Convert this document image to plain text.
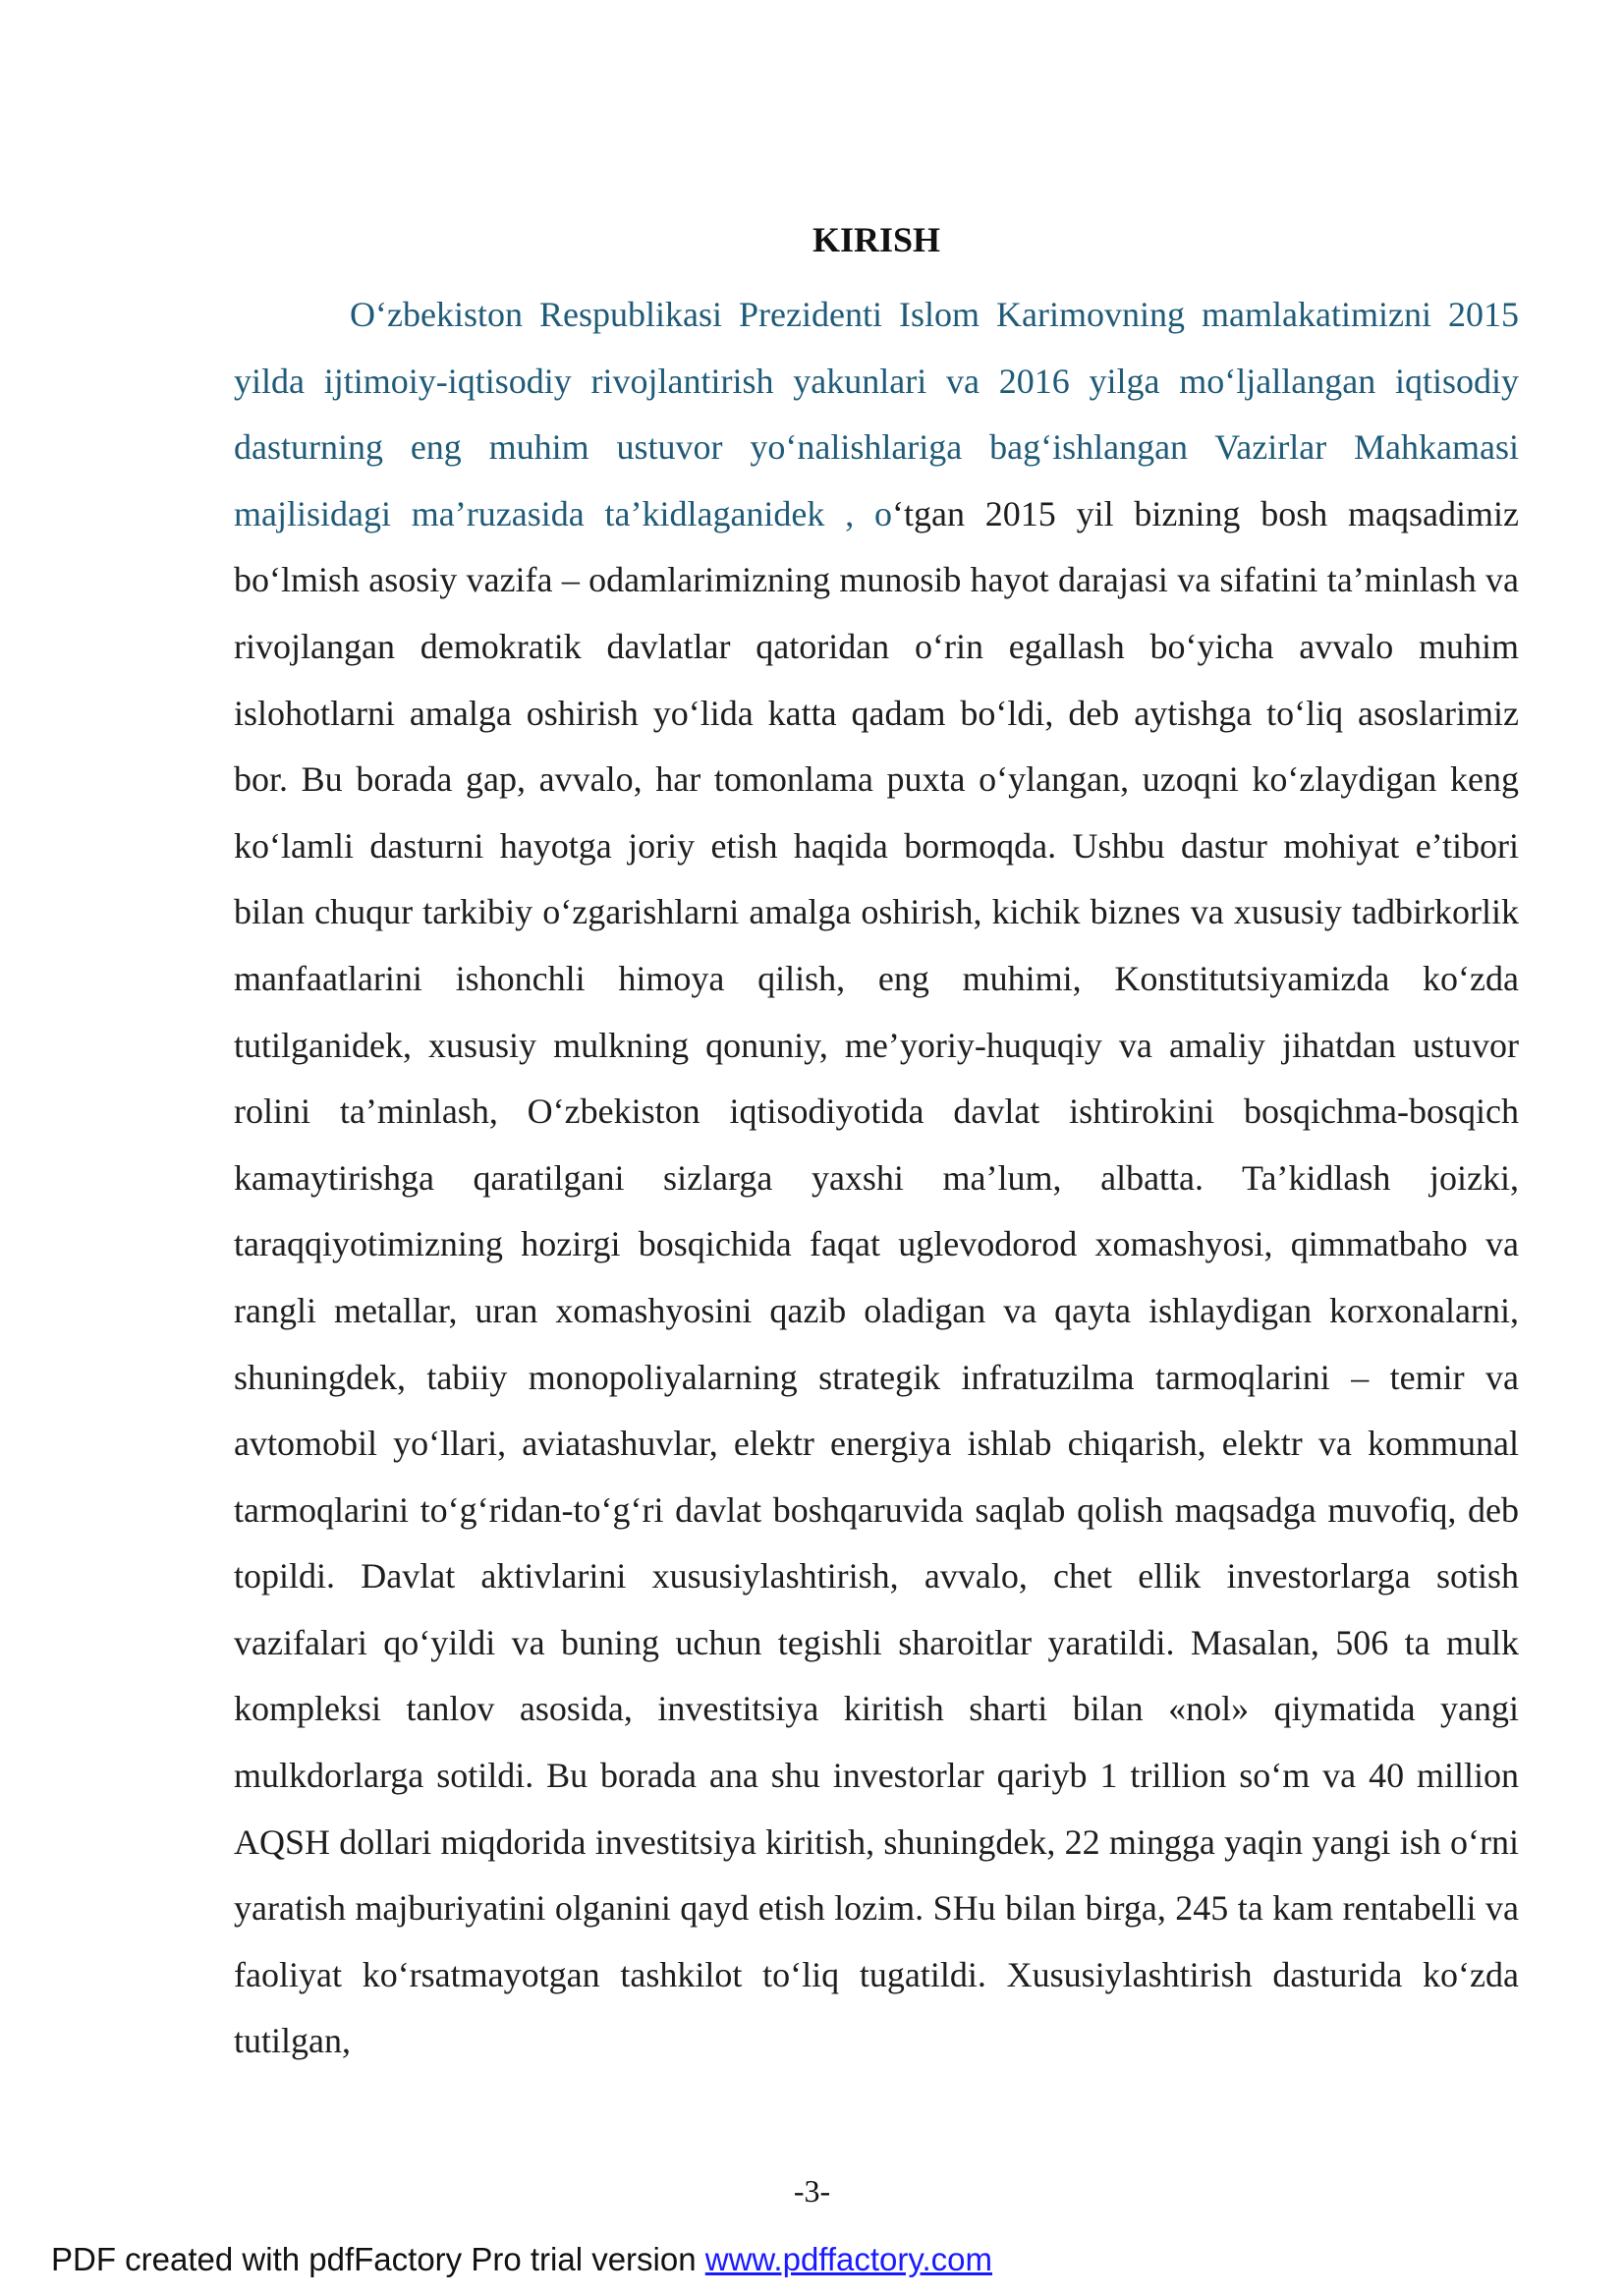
KIRISH

O‘zbekiston Respublikasi Prezidenti Islom Karimovning mamlakatimizni 2015 yilda ijtimoiy-iqtisodiy rivojlantirish yakunlari va 2016 yilga mo‘ljallangan iqtisodiy dasturning eng muhim ustuvor yo‘nalishlariga bag‘ishlangan Vazirlar Mahkamasi majlisidagi ma’ruzasida ta’kidlaganidek , o‘tgan 2015 yil bizning bosh maqsadimiz bo‘lmish asosiy vazifa – odamlarimizning munosib hayot darajasi va sifatini ta’minlash va rivojlangan demokratik davlatlar qatoridan o‘rin egallash bo‘yicha avvalo muhim islohotlarni amalga oshirish yo‘lida katta qadam bo‘ldi, deb aytishga to‘liq asoslarimiz bor. Bu borada gap, avvalo, har tomonlama puxta o‘ylangan, uzoqni ko‘zlaydigan keng ko‘lamli dasturni hayotga joriy etish haqida bormoqda. Ushbu dastur mohiyat e’tibori bilan chuqur tarkibiy o‘zgarishlarni amalga oshirish, kichik biznes va xususiy tadbirkorlik manfaatlarini ishonchli himoya qilish, eng muhimi, Konstitutsiyamizda ko‘zda tutilganidek, xususiy mulkning qonuniy, me’yoriy-huquqiy va amaliy jihatdan ustuvor rolini ta’minlash, O‘zbekiston iqtisodiyotida davlat ishtirokini bosqichma-bosqich kamaytirishga qaratilgani sizlarga yaxshi ma’lum, albatta. Ta’kidlash joizki, taraqqiyotimizning hozirgi bosqichida faqat uglevodorod xomashyosi, qimmatbaho va rangli metallar, uran xomashyosini qazib oladigan va qayta ishlaydigan korxonalarni, shuningdek, tabiiy monopoliyalarning strategik infratuzilma tarmoqlarini – temir va avtomobil yo‘llari, aviatashuvlar, elektr energiya ishlab chiqarish, elektr va kommunal tarmoqlarini to‘g‘ridan-to‘g‘ri davlat boshqaruvida saqlab qolish maqsadga muvofiq, deb topildi. Davlat aktivlarini xususiylashtirish, avvalo, chet ellik investorlarga sotish vazifalari qo‘yildi va buning uchun tegishli sharoitlar yaratildi. Masalan, 506 ta mulk kompleksi tanlov asosida, investitsiya kiritish sharti bilan «nol» qiymatida yangi mulkdorlarga sotildi. Bu borada ana shu investorlar qariyb 1 trillion so‘m va 40 million AQSH dollari miqdorida investitsiya kiritish, shuningdek, 22 mingga yaqin yangi ish o‘rni yaratish majburiyatini olganini qayd etish lozim. SHu bilan birga, 245 ta kam rentabelli va faoliyat ko‘rsatmayotgan tashkilot to‘liq tugatildi. Xususiylashtirish dasturida ko‘zda tutilgan,

-3-
PDF created with pdfFactory Pro trial version www.pdffactory.com
